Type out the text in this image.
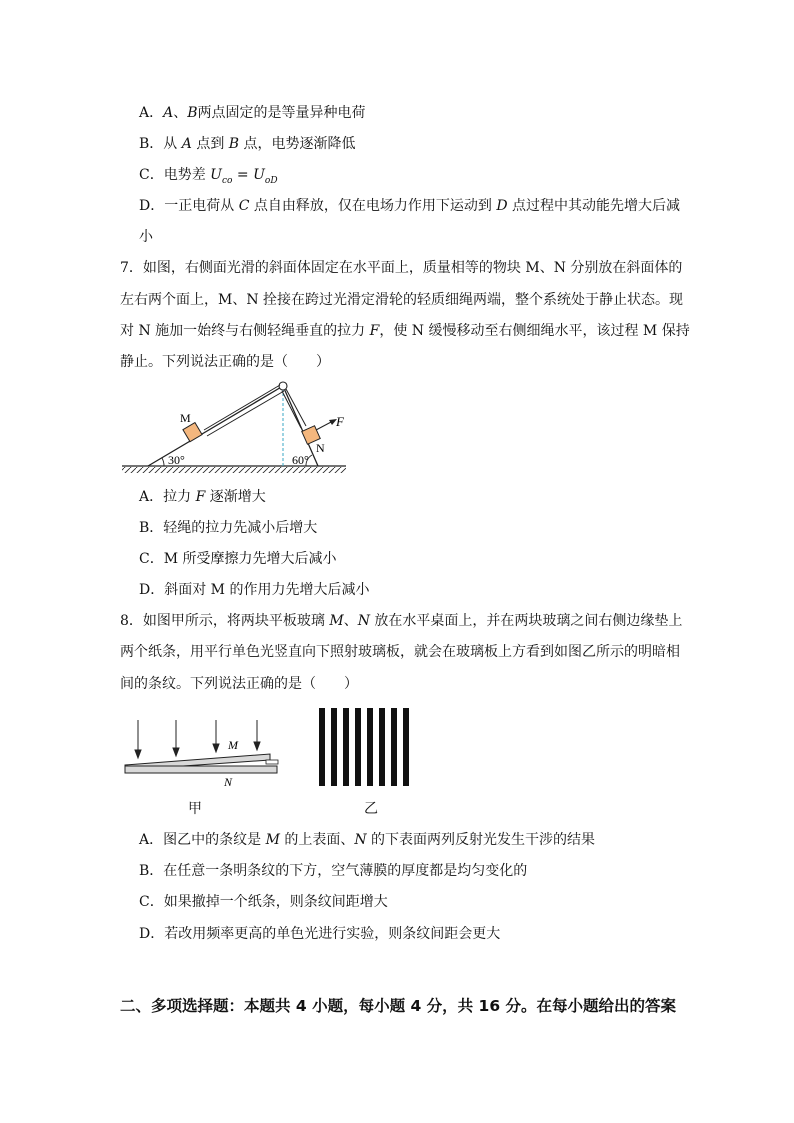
A．A、B两点固定的是等量异种电荷
B．从 A 点到 B 点，电势逐渐降低
C．电势差 $U_{co} = U_{oD}$
D．一正电荷从 C 点自由释放，仅在电场力作用下运动到 D 点过程中其动能先增大后减
小
7．如图，右侧面光滑的斜面体固定在水平面上，质量相等的物块 M、N 分别放在斜面体的
左右两个面上，M、N 拴接在跨过光滑定滑轮的轻质细绳两端，整个系统处于静止状态。现
对 N 施加一始终与右侧轻绳垂直的拉力 F，使 N 缓慢移动至右侧细绳水平，该过程 M 保持
静止。下列说法正确的是（　　）
F
M
N
30°	60°
A．拉力 F 逐渐增大
B．轻绳的拉力先减小后增大
C．M 所受摩擦力先增大后减小
D．斜面对 M 的作用力先增大后减小
8．如图甲所示，将两块平板玻璃 M、N 放在水平桌面上，并在两块玻璃之间右侧边缘垫上
两个纸条，用平行单色光竖直向下照射玻璃板，就会在玻璃板上方看到如图乙所示的明暗相
间的条纹。下列说法正确的是（　　）
M
N
甲	乙
A．图乙中的条纹是 M 的上表面、N 的下表面两列反射光发生干涉的结果
B．在任意一条明条纹的下方，空气薄膜的厚度都是均匀变化的
C．如果撤掉一个纸条，则条纹间距增大
D．若改用频率更高的单色光进行实验，则条纹间距会更大
二、多项选择题：本题共 4 小题，每小题 4 分，共 16 分。在每小题给出的答案
